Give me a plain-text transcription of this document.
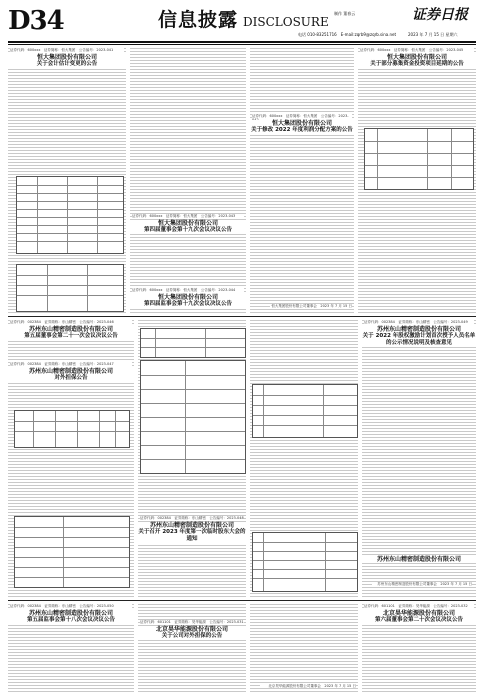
D34	信息披露 DISCLOSURE
制作 董春云	证券日报
电话 010-83251716　E-mail:zqrb9@zqrb.sina.net	2023 年 7 月 15 日 星期六
证券代码：600xxx　证券简称：恒大集团　公告编号：2023-041
恒大集团股份有限公司
关于会计估计变更的公告
证券代码：600xxx　证券简称：恒大集团　公告编号：2023-043
恒大集团股份有限公司
第四届董事会第十九次会议决议公告
证券代码：600xxx　证券简称：恒大集团　公告编号：2023-044
恒大集团股份有限公司
第四届监事会第十九次会议决议公告
证券代码：600xxx　证券简称：恒大集团　公告编号：2023-
恒大集团股份有限公司
关于修改 2022 年度利润分配方案的公告
恒大集团股份有限公司董事会　2023 年 7 月 15 日
证券代码：600xxx　证券简称：恒大集团　公告编号：2023-045
恒大集团股份有限公司
关于部分募集资金投资项目延期的公告
证券代码：002384　证券简称：东山精密　公告编号：2023-046
苏州东山精密制造股份有限公司
第五届董事会第二十一次会议决议公告
证券代码：002384　证券简称：东山精密　公告编号：2023-047
苏州东山精密制造股份有限公司
对外担保公告
证券代码：002384　证券简称：东山精密　公告编号：2023-048
苏州东山精密制造股份有限公司
关于召开 2023 年度第一次临时股东大会的通知
证券代码：002384　证券简称：东山精密　公告编号：2023-049
苏州东山精密制造股份有限公司
关于 2022 年股权激励计划首次授予人员名单的公示情况说明及核查意见
苏州东山精密制造股份有限公司
苏州东山精密制造股份有限公司董事会　2023 年 7 月 15 日
证券代码：002384　证券简称：东山精密　公告编号：2023-050
苏州东山精密制造股份有限公司
第五届监事会第十八次会议决议公告	证券代码：601101　证券简称：昊华能源　公告编号：2023-031
北京昊华能源股份有限公司
关于公司对外担保的公告
北京昊华能源股份有限公司董事会　2023 年 7 月 15 日
证券代码：601101　证券简称：昊华能源　公告编号：2023-032
北京昊华能源股份有限公司
第六届董事会第二十次会议决议公告
